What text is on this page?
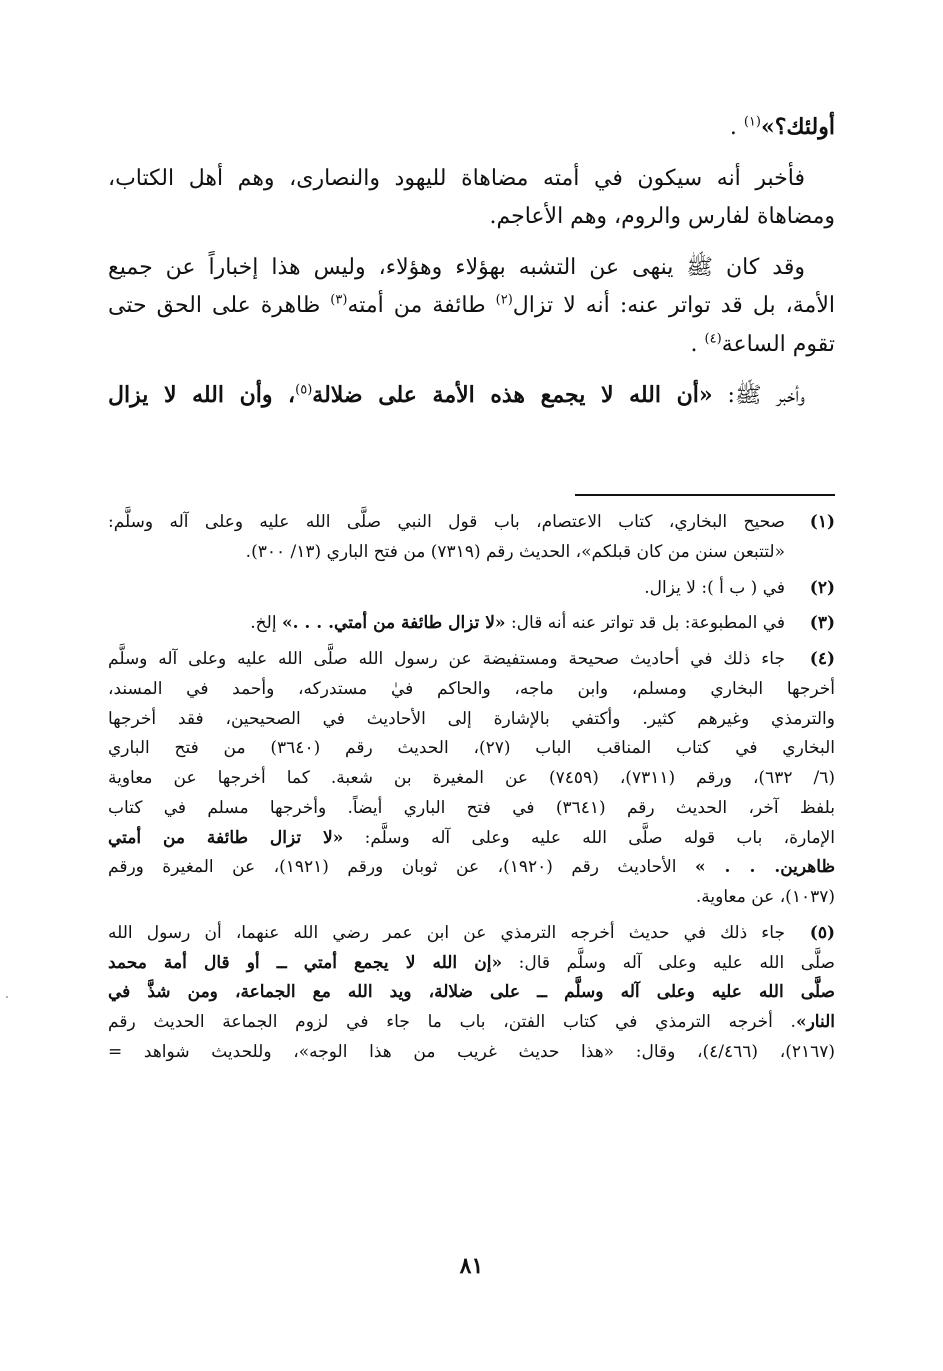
أولئك؟»$^{(١)}$ .
فأخبر أنه سيكون في أمته مضاهاة لليهود والنصارى، وهم أهل الكتاب،
ومضاهاة لفارس والروم، وهم الأعاجم.
وقد كان ﷺ ينهى عن التشبه بهؤلاء وهؤلاء، وليس هذا إخباراً عن جميع
الأمة، بل قد تواتر عنه: أنه لا تزال$^{(٢)}$ طائفة من أمته$^{(٣)}$ ظاهرة على الحق حتى
تقوم الساعة$^{(٤)}$ .
وأخبر ﷺ: «أن الله لا يجمع هذه الأمة على ضلالة$^{(٥)}$، وأن الله لا يزال
(١)
صحيح البخاري، كتاب الاعتصام، باب قول النبي صلَّى الله عليه وعلى آله وسلَّم:
«لتتبعن سنن من كان قبلكم»، الحديث رقم (٧٣١٩) من فتح الباري (١٣/ ٣٠٠).
(٢)
في ( ب أ ): لا يزال.
(٣)
في المطبوعة: بل قد تواتر عنه أنه قال: «لا تزال طائفة من أمتي. . . .» إلخ.
(٤)
جاء ذلك في أحاديث صحيحة ومستفيضة عن رسول الله صلَّى الله عليه وعلى آله وسلَّم
أخرجها البخاري ومسلم، وابن ماجه، والحاكم فيٰ مستدركه، وأحمد في المسند،
والترمذي وغيرهم كثير. وأكتفي بالإشارة إلى الأحاديث في الصحيحين، فقد أخرجها
البخاري في كتاب المناقب الباب (٢٧)، الحديث رقم (٣٦٤٠) من فتح الباري
(٦/ ٦٣٢)، ورقم (٧٣١١)، (٧٤٥٩) عن المغيرة بن شعبة. كما أخرجها عن معاوية
بلفظ آخر، الحديث رقم (٣٦٤١) في فتح الباري أيضاً. وأخرجها مسلم في كتاب
الإمارة، باب قوله صلَّى الله عليه وعلى آله وسلَّم: «لا تزال طائفة من أمتي
ظاهرين. . . » الأحاديث رقم (١٩٢٠)، عن ثوبان ورقم (١٩٢١)، عن المغيرة ورقم
(١٠٣٧)، عن معاوية.
(٥)
جاء ذلك في حديث أخرجه الترمذي عن ابن عمر رضي الله عنهما، أن رسول الله
صلَّى الله عليه وعلى آله وسلَّم قال: «إن الله لا يجمع أمتي ــ أو قال أمة محمد
صلَّى الله عليه وعلى آله وسلَّم ــ على ضلالة، ويد الله مع الجماعة، ومن شذَّ في
النار». أخرجه الترمذي في كتاب الفتن، باب ما جاء في لزوم الجماعة الحديث رقم
(٢١٦٧)، (٤/٤٦٦)، وقال: «هذا حديث غريب من هذا الوجه»، وللحديث شواهد =
٨١
